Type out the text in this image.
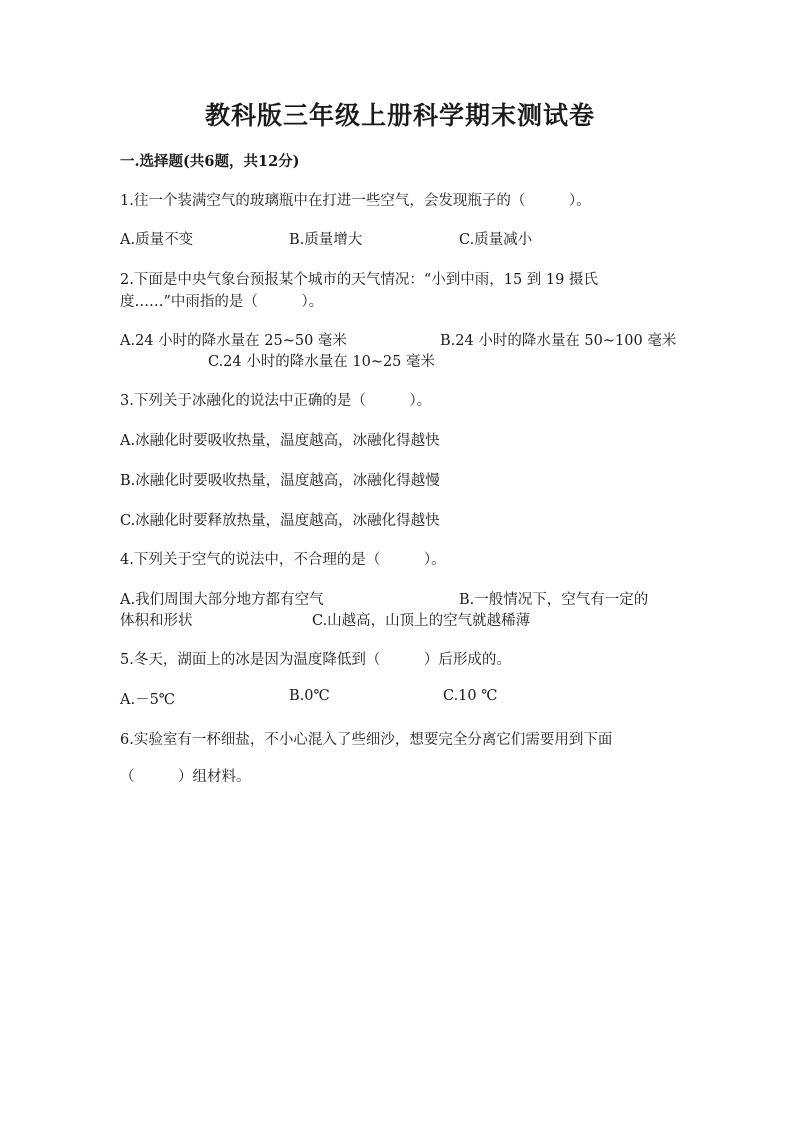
教科版三年级上册科学期末测试卷
一.选择题(共6题，共12分)
1.往一个装满空气的玻璃瓶中在打进一些空气，会发现瓶子的（　　　）。
A.质量不变	B.质量增大	C.质量减小
2.下面是中央气象台预报某个城市的天气情况：“小到中雨，15 到 19 摄氏
度……”中雨指的是（　　　）。
A.24 小时的降水量在 25~50 毫米	B.24 小时的降水量在 50~100 毫米
C.24 小时的降水量在 10~25 毫米
3.下列关于冰融化的说法中正确的是（　　　）。
A.冰融化时要吸收热量，温度越高，冰融化得越快
B.冰融化时要吸收热量，温度越高，冰融化得越慢
C.冰融化时要释放热量，温度越高，冰融化得越快
4.下列关于空气的说法中，不合理的是（　　　）。
A.我们周围大部分地方都有空气	B.一般情况下，空气有一定的
体积和形状	C.山越高，山顶上的空气就越稀薄
5.冬天，湖面上的冰是因为温度降低到（　　　）后形成的。
A.－5℃	B.0℃	C.10 ℃
6.实验室有一杯细盐，不小心混入了些细沙，想要完全分离它们需要用到下面
（　　　）组材料。
